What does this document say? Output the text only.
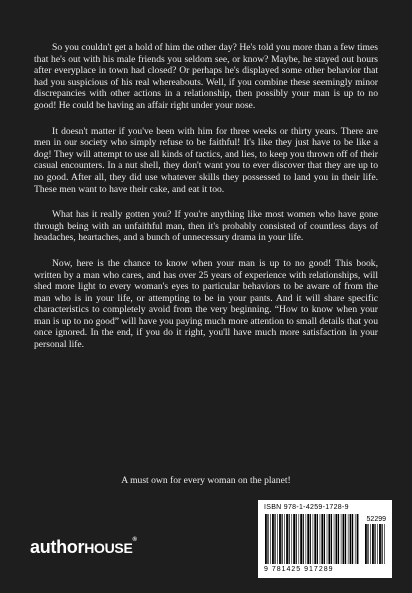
So you couldn't get a hold of him the other day? He's told you more than a few times that he's out with his male friends you seldom see, or know? Maybe, he stayed out hours after everyplace in town had closed? Or perhaps he's displayed some other behavior that had you suspicious of his real whereabouts. Well, if you combine these seemingly minor discrepancies with other actions in a relationship, then possibly your man is up to no good! He could be having an affair right under your nose.

It doesn't matter if you've been with him for three weeks or thirty years. There are men in our society who simply refuse to be faithful! It's like they just have to be like a dog! They will attempt to use all kinds of tactics, and lies, to keep you thrown off of their casual encounters. In a nut shell, they don't want you to ever discover that they are up to no good. After all, they did use whatever skills they possessed to land you in their life. These men want to have their cake, and eat it too.

What has it really gotten you? If you're anything like most women who have gone through being with an unfaithful man, then it's probably consisted of countless days of headaches, heartaches, and a bunch of unnecessary drama in your life.

Now, here is the chance to know when your man is up to no good! This book, written by a man who cares, and has over 25 years of experience with relationships, will shed more light to every woman's eyes to particular behaviors to be aware of from the man who is in your life, or attempting to be in your pants. And it will share specific characteristics to completely avoid from the very beginning. “How to know when your man is up to no good” will have you paying much more attention to small details that you once ignored. In the end, if you do it right, you'll have much more satisfaction in your personal life.

A must own for every woman on the planet!
authorHOUSE®
ISBN 978-1-4259-1728-9
52299
9 781425 917289
